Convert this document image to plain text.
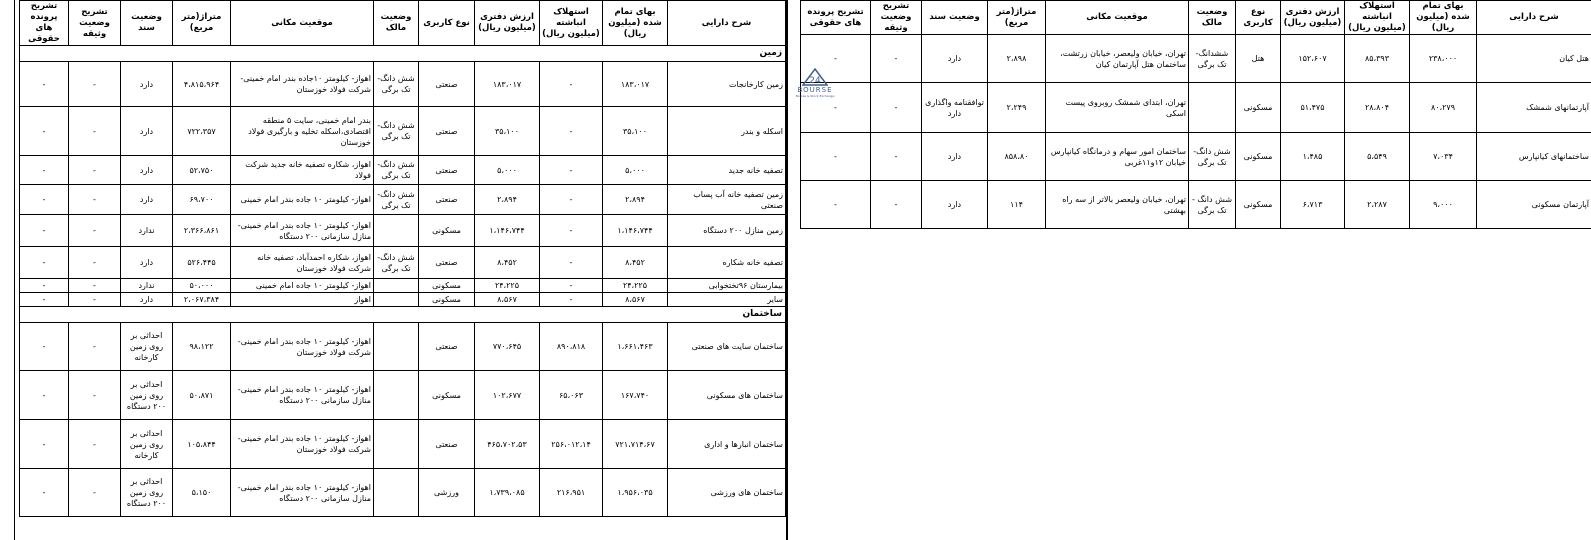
شرح دارایی	بهای تمام شده (میلیون ریال)	استهلاک انباشته (میلیون ریال)	ارزش دفتری (میلیون ریال)	نوع کاربری	وضعیت مالک	موقعیت مکانی	متراژ(متر مربع)	وضعیت سند	تشریح وضعیت وثیقه	تشریح پرونده های حقوقی
زمین										
زمین کارخانجات	۱۸۳،۰۱۷	-	۱۸۳،۰۱۷	صنعتی	شش دانگ- تک برگی	اهواز- کیلومتر ۱۰جاده بندر امام خمینی- شرکت فولاد خوزستان	۴،۸۱۵،۹۶۴	دارد	-	-
اسکله و بندر	۳۵،۱۰۰	-	۳۵،۱۰۰	صنعتی	شش دانگ- تک برگی	بندر امام خمینی، سایت ۵ منطقه اقتصادی،اسکله تخلیه و بارگیری فولاد خوزستان	۷۲۲،۳۵۷	دارد	-	-
تصفیه خانه جدید	۵،۰۰۰	-	۵،۰۰۰	صنعتی	شش دانگ- تک برگی	اهواز، شکاره تصفیه خانه جدید شرکت فولاد	۵۲،۷۵۰	دارد	-	-
زمین تصفیه خانه آب پساب صنعتی	۲،۸۹۴	-	۲،۸۹۴	صنعتی	شش دانگ- تک برگی	اهواز- کیلومتر ۱۰ جاده بندر امام خمینی	۶۹،۷۰۰	دارد	-	-
زمین منازل ۲۰۰ دستگاه	۱،۱۴۶،۷۴۴	-	۱،۱۴۶،۷۴۴	مسکونی		اهواز- کیلومتر ۱۰ جاده بندر امام خمینی- منازل سازمانی ۲۰۰ دستگاه	۲،۳۶۶،۸۶۱	ندارد	-	-
تصفیه خانه شکاره	۸،۴۵۲	-	۸،۴۵۲	صنعتی	شش دانگ- تک برگی	اهواز، شکاره احمدآباد، تصفیه خانه شرکت فولاد خوزستان	۵۲۶،۴۴۵	دارد	-	-
بیمارستان ۹۶تختخوابی	۲۴،۲۲۵	-	۲۴،۲۲۵	مسکونی		اهواز- کیلومتر ۱۰ جاده امام خمینی	۵۰،۰۰۰	ندارد	-	-
سایر	۸،۵۶۷	-	۸،۵۶۷	مسکونی		اهواز	۲،۰۶۷،۳۸۴	دارد	-	-
ساختمان										
ساختمان سایت های صنعتی	۱،۶۶۱،۴۶۳	۸۹۰،۸۱۸	۷۷۰،۶۴۵	صنعتی		اهواز- کیلومتر ۱۰ جاده بندر امام خمینی- شرکت فولاد خوزستان	۹۸،۱۲۲	احداثی بر روی زمین کارخانه	-	-
ساختمان های مسکونی	۱۶۷،۷۴۰	۶۵،۰۶۳	۱۰۲،۶۷۷	مسکونی		اهواز- کیلومتر ۱۰ جاده بندر امام خمینی- منازل سازمانی ۲۰۰ دستگاه	۵۰،۸۷۱	احداثی بر روی زمین ۲۰۰ دستگاه	-	-
ساختمان انبارها و اداری	۷۲۱،۷۱۴،۶۷	۲۵۶،۰۱۲،۱۴	۴۶۵،۷۰۲،۵۳	صنعتی		اهواز- کیلومتر ۱۰ جاده بندر امام خمینی- شرکت فولاد خوزستان	۱۰۵،۸۴۴	احداثی بر روی زمین کارخانه	-	-
ساختمان های ورزشی	۱،۹۵۶،۰۳۵	۲۱۶،۹۵۱	۱،۷۳۹،۰۸۵	ورزشی		اهواز- کیلومتر ۱۰ جاده بندر امام خمینی- منازل سازمانی ۲۰۰ دستگاه	۵،۱۵۰	احداثی بر روی زمین ۲۰۰ دستگاه	-	-
شرح دارایی	بهای تمام شده (میلیون ریال)	استهلاک انباشته (میلیون ریال)	ارزش دفتری (میلیون ریال)	نوع کاربری	وضعیت مالک	موقعیت مکانی	متراژ(متر مربع)	وضعیت سند	تشریح وضعیت وثیقه	تشریح پرونده های حقوقی
هتل کیان	۲۳۸،۰۰۰	۸۵،۳۹۳	۱۵۲،۶۰۷	هتل	ششدانگ- تک برگی	تهران، خیابان ولیعصر، خیابان زرتشت، ساختمان هتل آپارتمان کیان	۲،۸۹۸	دارد	-	-
آپارتمانهای شمشک	۸۰،۲۷۹	۲۸،۸۰۴	۵۱،۴۷۵	مسکونی		تهران، ابتدای شمشک روبروی پیست اسکی	۲،۲۴۹	توافقنامه واگذاری دارد	-	-
ساختمانهای کیانپارس	۷،۰۳۴	۵،۵۴۹	۱،۴۸۵	مسکونی	شش دانگ- تک برگی	ساختمان امور سهام و درمانگاه کیانپارس خیابان ۱۲و۱۱غربی	۸۵۸،۸۰	دارد	-	-
آپارتمان مسکونی	۹،۰۰۰	۲،۲۸۷	۶،۷۱۳	مسکونی	شش دانگ - تک برگی	تهران، خیابان ولیعصر بالاتر از سه راه بهشتی	۱۱۴	دارد	-	-
24
BOURSE
Bourse & Stock Exchange
